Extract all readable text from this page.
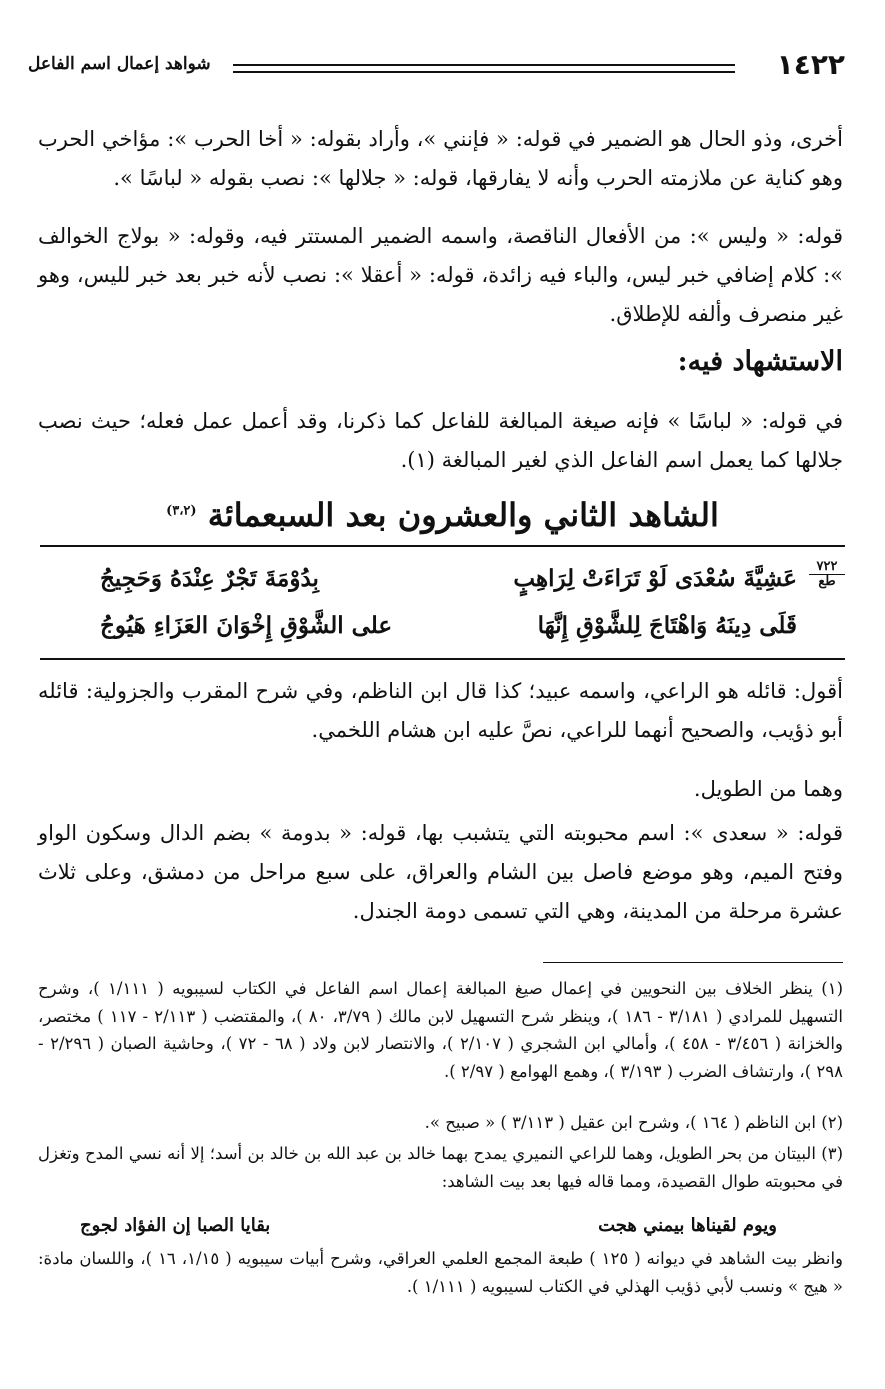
١٤٢٢
شواهد إعمال اسم الفاعل
أخرى، وذو الحال هو الضمير في قوله: « فإنني »، وأراد بقوله: « أخا الحرب »: مؤاخي الحرب وهو كناية عن ملازمته الحرب وأنه لا يفارقها، قوله: « جلالها »: نصب بقوله « لباسًا ».
قوله: « وليس »: من الأفعال الناقصة، واسمه الضمير المستتر فيه، وقوله: « بولاج الخوالف »: كلام إضافي خبر ليس، والباء فيه زائدة، قوله: « أعقلا »: نصب لأنه خبر بعد خبر لليس، وهو غير منصرف وألفه للإطلاق.
الاستشهاد فيه:
في قوله: « لباسًا » فإنه صيغة المبالغة للفاعل كما ذكرنا، وقد أعمل عمل فعله؛ حيث نصب جلالها كما يعمل اسم الفاعل الذي لغير المبالغة (١).
الشاهد الثاني والعشرون بعد السبعمائة $^{(٣،٢)}$
٧٢٢
طع
عَشِيَّةَ سُعْدَى لَوْ تَرَاءَتْ لِرَاهِبٍ
بِدُوْمَةَ تَجْرٌ عِنْدَهُ وَحَجِيجُ
قَلَى دِينَهُ وَاهْتَاجَ لِلشَّوْقِ إِنَّهَا
على الشَّوْقِ إِخْوَانَ العَزَاءِ هَيُوجُ
أقول: قائله هو الراعي، واسمه عبيد؛ كذا قال ابن الناظم، وفي شرح المقرب والجزولية: قائله أبو ذؤيب، والصحيح أنهما للراعي، نصَّ عليه ابن هشام اللخمي.
وهما من الطويل.
قوله: « سعدى »: اسم محبوبته التي يتشبب بها، قوله: « بدومة » بضم الدال وسكون الواو وفتح الميم، وهو موضع فاصل بين الشام والعراق، على سبع مراحل من دمشق، وعلى ثلاث عشرة مرحلة من المدينة، وهي التي تسمى دومة الجندل.
(١) ينظر الخلاف بين النحويين في إعمال صيغ المبالغة إعمال اسم الفاعل في الكتاب لسيبويه ( ١/١١١ )، وشرح التسهيل للمرادي ( ٣/١٨١ - ١٨٦ )، وينظر شرح التسهيل لابن مالك ( ٣/٧٩، ٨٠ )، والمقتضب ( ٢/١١٣ - ١١٧ ) مختصر، والخزانة ( ٣/٤٥٦ - ٤٥٨ )، وأمالي ابن الشجري ( ٢/١٠٧ )، والانتصار لابن ولاد ( ٦٨ - ٧٢ )، وحاشية الصبان ( ٢/٢٩٦ - ٢٩٨ )، وارتشاف الضرب ( ٣/١٩٣ )، وهمع الهوامع ( ٢/٩٧ ).
(٢) ابن الناظم ( ١٦٤ )، وشرح ابن عقيل ( ٣/١١٣ ) « صبيح ».
(٣) البيتان من بحر الطويل، وهما للراعي النميري يمدح بهما خالد بن عبد الله بن خالد بن أسد؛ إلا أنه نسي المدح وتغزل في محبوبته طوال القصيدة، ومما قاله فيها بعد بيت الشاهد:
ويوم لقيناها بيمني هجت
بقايا الصبا إن الفؤاد لجوج
وانظر بيت الشاهد في ديوانه ( ١٢٥ ) طبعة المجمع العلمي العراقي، وشرح أبيات سيبويه ( ١/١٥، ١٦ )، واللسان مادة: « هيج » ونسب لأبي ذؤيب الهذلي في الكتاب لسيبويه ( ١/١١١ ).
